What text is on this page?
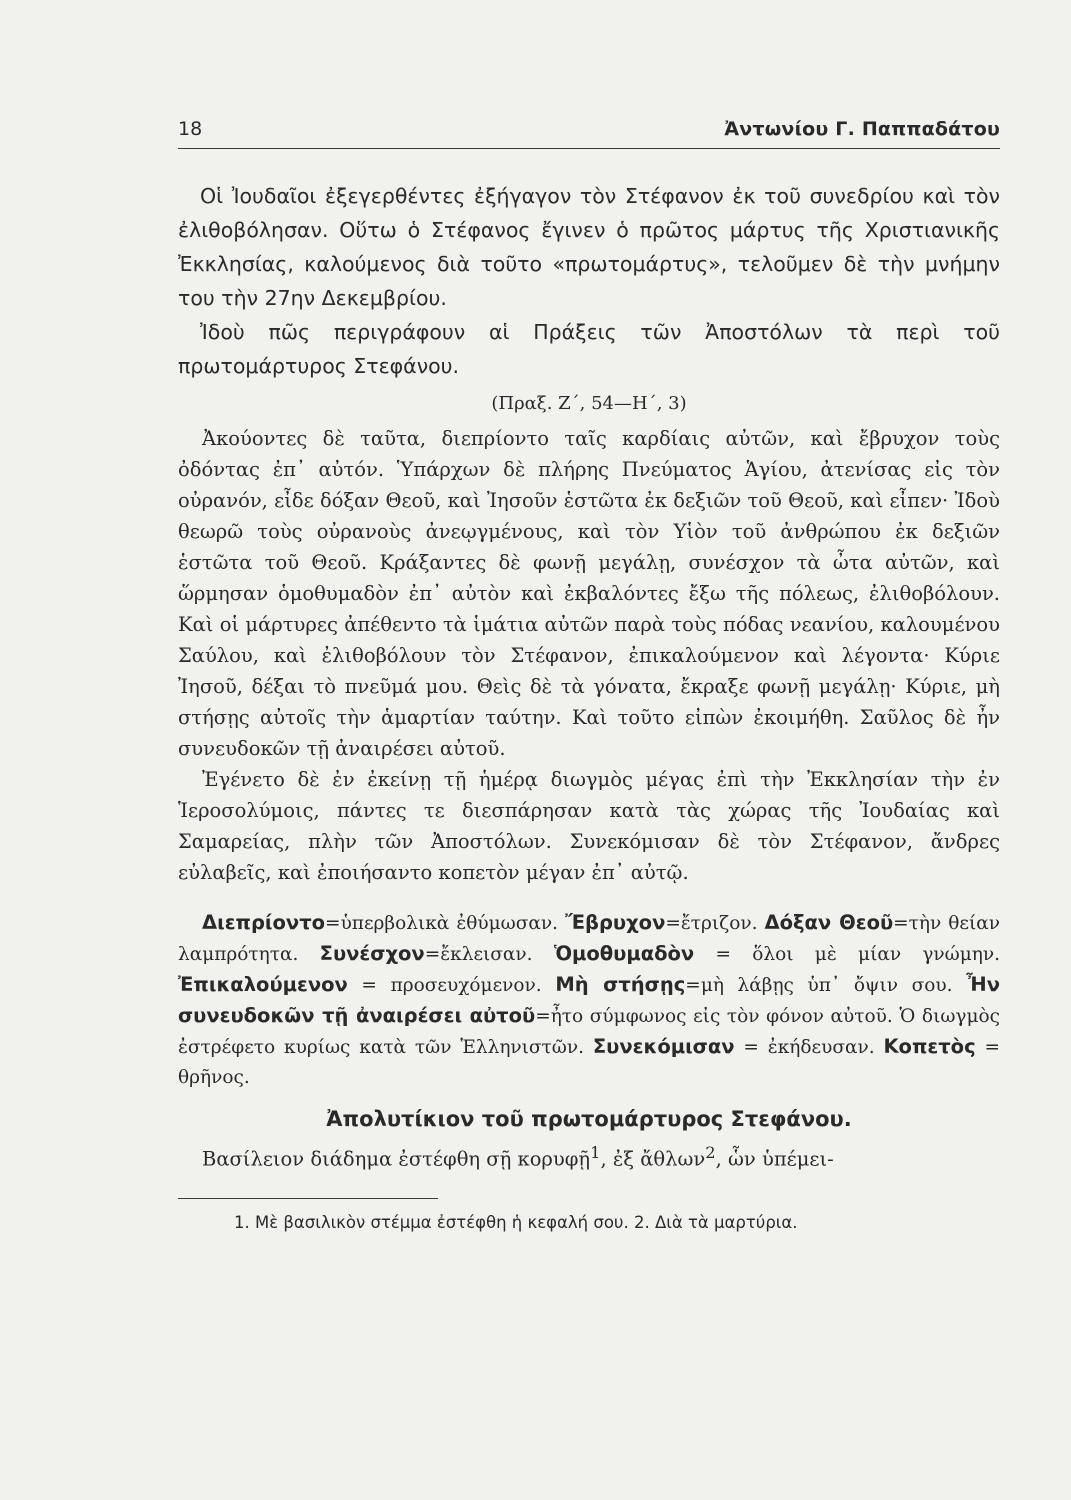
18	Ἀντωνίου Γ. Παππαδάτου

Οἱ Ἰουδαῖοι ἐξεγερθέντες ἐξήγαγον τὸν Στέφανον ἐκ τοῦ συνεδρίου καὶ τὸν ἐλιθοβόλησαν. Οὕτω ὁ Στέφανος ἔγινεν ὁ πρῶτος μάρτυς τῆς Χριστιανικῆς Ἐκκλησίας, καλούμενος διὰ τοῦτο «πρωτομάρτυς», τελοῦμεν δὲ τὴν μνήμην του τὴν 27ην Δεκεμβρίου.

Ἰδοὺ πῶς περιγράφουν αἱ Πράξεις τῶν Ἀποστόλων τὰ περὶ τοῦ πρωτομάρτυρος Στεφάνου.

(Πραξ. Ζ΄, 54—Η΄, 3)

Ἀκούοντες δὲ ταῦτα, διεπρίοντο ταῖς καρδίαις αὐτῶν, καὶ ἔβρυχον τοὺς ὀδόντας ἐπ᾿ αὐτόν. Ὑπάρχων δὲ πλήρης Πνεύματος Ἁγίου, ἀτενίσας εἰς τὸν οὐρανόν, εἶδε δόξαν Θεοῦ, καὶ Ἰησοῦν ἑστῶτα ἐκ δεξιῶν τοῦ Θεοῦ, καὶ εἶπεν· Ἰδοὺ θεωρῶ τοὺς οὐρανοὺς ἀνεῳγμένους, καὶ τὸν Υἱὸν τοῦ ἀνθρώπου ἐκ δεξιῶν ἑστῶτα τοῦ Θεοῦ. Κράξαντες δὲ φωνῇ μεγάλῃ, συνέσχον τὰ ὦτα αὐτῶν, καὶ ὥρμησαν ὁμοθυμαδὸν ἐπ᾿ αὐτὸν καὶ ἐκβαλόντες ἔξω τῆς πόλεως, ἐλιθοβόλουν. Καὶ οἱ μάρτυρες ἀπέθεντο τὰ ἱμάτια αὐτῶν παρὰ τοὺς πόδας νεανίου, καλουμένου Σαύλου, καὶ ἐλιθοβόλουν τὸν Στέφανον, ἐπικαλούμενον καὶ λέγοντα· Κύριε Ἰησοῦ, δέξαι τὸ πνεῦμά μου. Θεὶς δὲ τὰ γόνατα, ἔκραξε φωνῇ μεγάλῃ· Κύριε, μὴ στήσῃς αὐτοῖς τὴν ἁμαρτίαν ταύτην. Καὶ τοῦτο εἰπὼν ἐκοιμήθη. Σαῦλος δὲ ἦν συνευδοκῶν τῇ ἀναιρέσει αὐτοῦ.

Ἐγένετο δὲ ἐν ἐκείνῃ τῇ ἡμέρᾳ διωγμὸς μέγας ἐπὶ τὴν Ἐκκλησίαν τὴν ἐν Ἱεροσολύμοις, πάντες τε διεσπάρησαν κατὰ τὰς χώρας τῆς Ἰουδαίας καὶ Σαμαρείας, πλὴν τῶν Ἀποστόλων. Συνεκόμισαν δὲ τὸν Στέφανον, ἄνδρες εὐλαβεῖς, καὶ ἐποιήσαντο κοπετὸν μέγαν ἐπ᾿ αὐτῷ.

Διεπρίοντο=ὑπερβολικὰ ἐθύμωσαν. Ἔβρυχον=ἔτριζον. Δόξαν Θεοῦ=τὴν θείαν λαμπρότητα. Συνέσχον=ἔκλεισαν. Ὁμοθυμαδὸν = ὅλοι μὲ μίαν γνώμην. Ἐπικαλούμενον = προσευχόμενον. Μὴ στήσῃς=μὴ λάβῃς ὑπ᾿ ὄψιν σου. Ἦν συνευδοκῶν τῇ ἀναιρέσει αὐτοῦ=ἦτο σύμφωνος εἰς τὸν φόνον αὐτοῦ. Ὁ διωγμὸς ἐστρέφετο κυρίως κατὰ τῶν Ἑλληνιστῶν. Συνεκόμισαν = ἐκήδευσαν. Κοπετὸς = θρῆνος.

Ἀπολυτίκιον τοῦ πρωτομάρτυρος Στεφάνου.

Βασίλειον διάδημα ἐστέφθη σῇ κορυφῇ$^1$, ἐξ ἄθλων$^2$, ὧν ὑπέμει-

1. Μὲ βασιλικὸν στέμμα ἐστέφθη ἡ κεφαλή σου. 2. Διὰ τὰ μαρτύρια.
